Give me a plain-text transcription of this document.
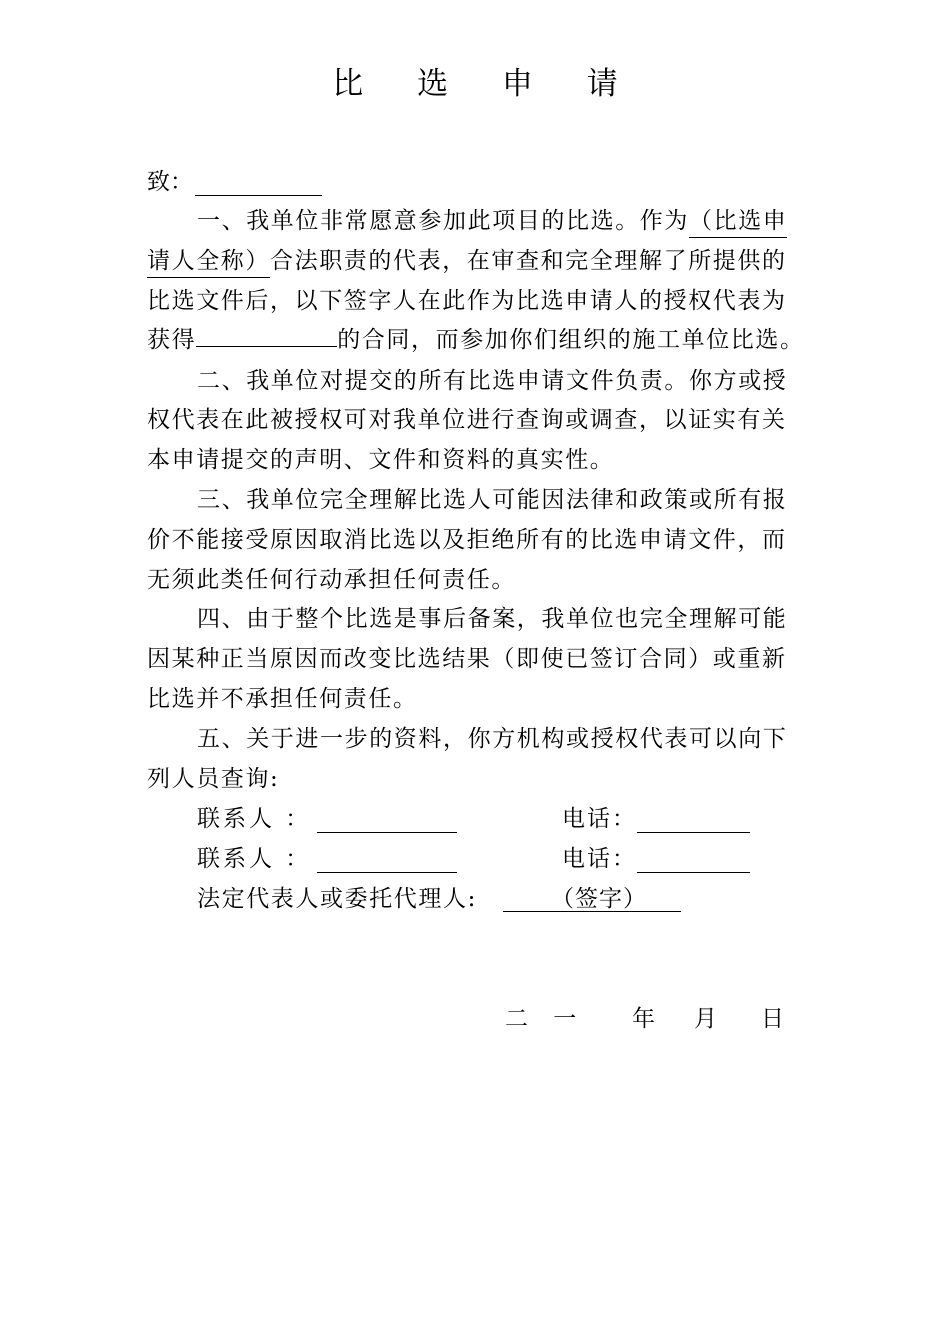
比 选 申 请
致：
一、我单位非常愿意参加此项目的比选。作为（比选申
请人全称）合法职责的代表，在审查和完全理解了所提供的
比选文件后，以下签字人在此作为比选申请人的授权代表为
获得	的合同，而参加你们组织的施工单位比选。
二、我单位对提交的所有比选申请文件负责。你方或授
权代表在此被授权可对我单位进行查询或调查，以证实有关
本申请提交的声明、文件和资料的真实性。
三、我单位完全理解比选人可能因法律和政策或所有报
价不能接受原因取消比选以及拒绝所有的比选申请文件，而
无须此类任何行动承担任何责任。
四、由于整个比选是事后备案，我单位也完全理解可能
因某种正当原因而改变比选结果（即使已签订合同）或重新
比选并不承担任何责任。
五、关于进一步的资料，你方机构或授权代表可以向下
列人员查询:
联系人 ：	电话：
联系人 ：	电话：
法定代表人或委托代理人:	（签字）
二 一 年 月 日
